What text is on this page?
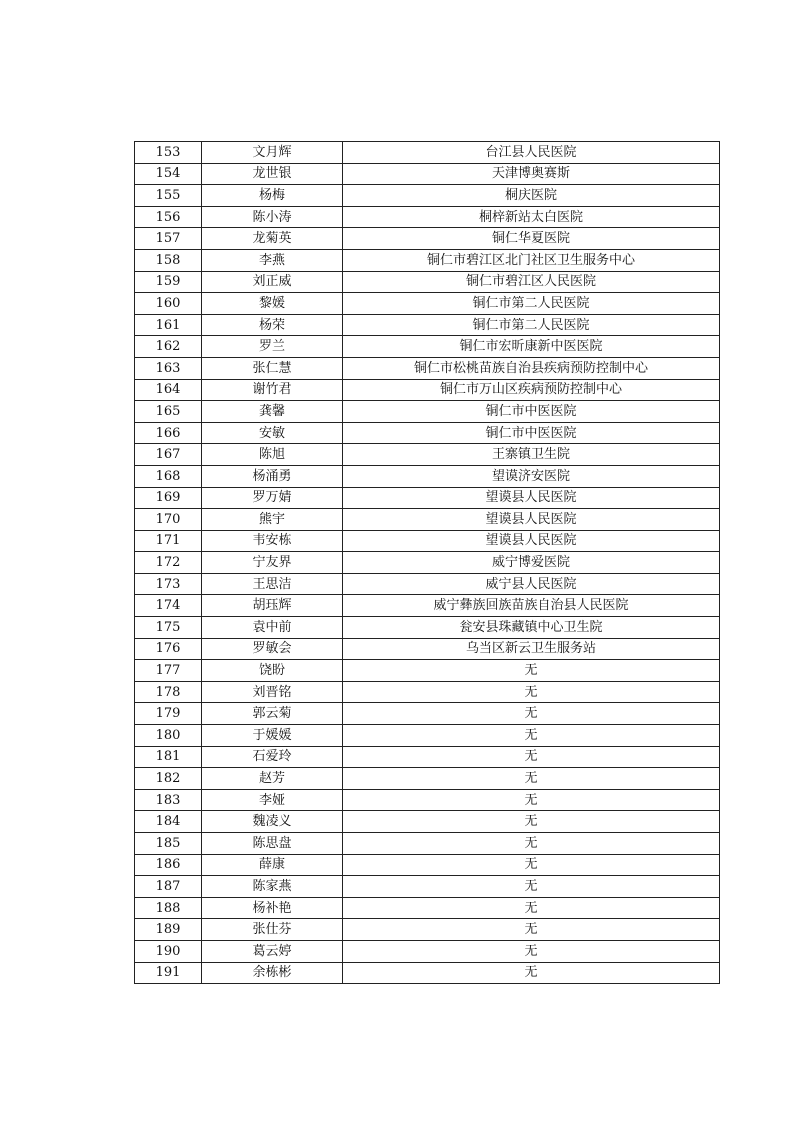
153	文月辉	台江县人民医院
154	龙世银	天津博奥赛斯
155	杨梅	桐庆医院
156	陈小涛	桐梓新站太白医院
157	龙菊英	铜仁华夏医院
158	李燕	铜仁市碧江区北门社区卫生服务中心
159	刘正威	铜仁市碧江区人民医院
160	黎媛	铜仁市第二人民医院
161	杨荣	铜仁市第二人民医院
162	罗兰	铜仁市宏昕康新中医医院
163	张仁慧	铜仁市松桃苗族自治县疾病预防控制中心
164	谢竹君	铜仁市万山区疾病预防控制中心
165	龚馨	铜仁市中医医院
166	安敏	铜仁市中医医院
167	陈旭	王寨镇卫生院
168	杨涌勇	望谟济安医院
169	罗万婧	望谟县人民医院
170	熊宇	望谟县人民医院
171	韦安栋	望谟县人民医院
172	宁友界	威宁博爱医院
173	王思洁	威宁县人民医院
174	胡珏辉	威宁彝族回族苗族自治县人民医院
175	袁中前	瓮安县珠藏镇中心卫生院
176	罗敏会	乌当区新云卫生服务站
177	饶盼	无
178	刘晋铭	无
179	郭云菊	无
180	于媛媛	无
181	石爱玲	无
182	赵芳	无
183	李娅	无
184	魏凌义	无
185	陈思盘	无
186	薛康	无
187	陈家燕	无
188	杨补艳	无
189	张仕芬	无
190	葛云婷	无
191	余栋彬	无
